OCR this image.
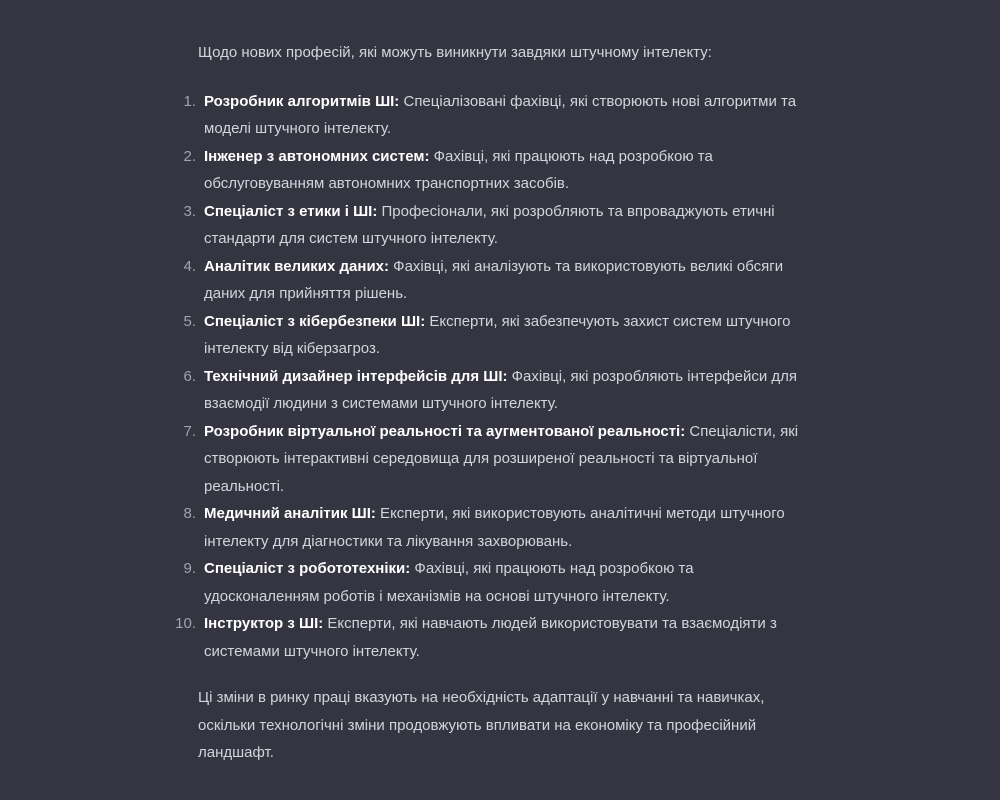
Щодо нових професій, які можуть виникнути завдяки штучному інтелекту:

1. Розробник алгоритмів ШІ: Спеціалізовані фахівці, які створюють нові алгоритми та моделі штучного інтелекту.
2. Інженер з автономних систем: Фахівці, які працюють над розробкою та обслуговуванням автономних транспортних засобів.
3. Спеціаліст з етики і ШІ: Професіонали, які розробляють та впроваджують етичні стандарти для систем штучного інтелекту.
4. Аналітик великих даних: Фахівці, які аналізують та використовують великі обсяги даних для прийняття рішень.
5. Спеціаліст з кібербезпеки ШІ: Експерти, які забезпечують захист систем штучного інтелекту від кіберзагроз.
6. Технічний дизайнер інтерфейсів для ШІ: Фахівці, які розробляють інтерфейси для взаємодії людини з системами штучного інтелекту.
7. Розробник віртуальної реальності та аугментованої реальності: Спеціалісти, які створюють інтерактивні середовища для розширеної реальності та віртуальної реальності.
8. Медичний аналітик ШІ: Експерти, які використовують аналітичні методи штучного інтелекту для діагностики та лікування захворювань.
9. Спеціаліст з робототехніки: Фахівці, які працюють над розробкою та удосконаленням роботів і механізмів на основі штучного інтелекту.
10. Інструктор з ШІ: Експерти, які навчають людей використовувати та взаємодіяти з системами штучного інтелекту.

Ці зміни в ринку праці вказують на необхідність адаптації у навчанні та навичках, оскільки технологічні зміни продовжують впливати на економіку та професійний ландшафт.
